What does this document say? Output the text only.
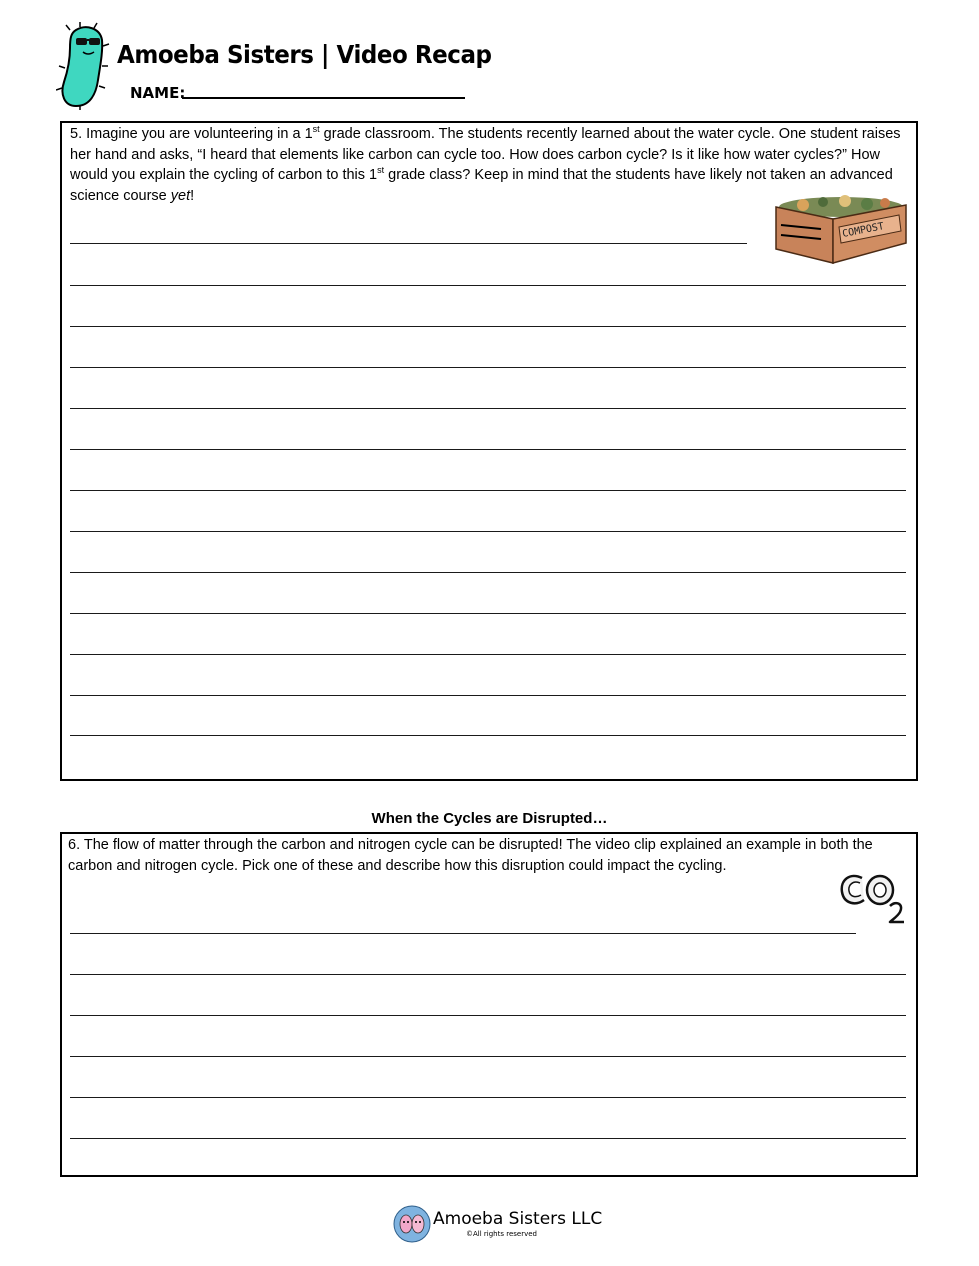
Amoeba Sisters | Video Recap
NAME:
5. Imagine you are volunteering in a 1st grade classroom. The students recently learned about the water cycle. One student raises her hand and asks, “I heard that elements like carbon can cycle too. How does carbon cycle? Is it like how water cycles?” How would you explain the cycling of carbon to this 1st grade class? Keep in mind that the students have likely not taken an advanced science course yet!
COMPOST
When the Cycles are Disrupted…
6. The flow of matter through the carbon and nitrogen cycle can be disrupted! The video clip explained an example in both the carbon and nitrogen cycle. Pick one of these and describe how this disruption could impact the cycling.	CO2
Amoeba Sisters LLC
©All rights reserved
